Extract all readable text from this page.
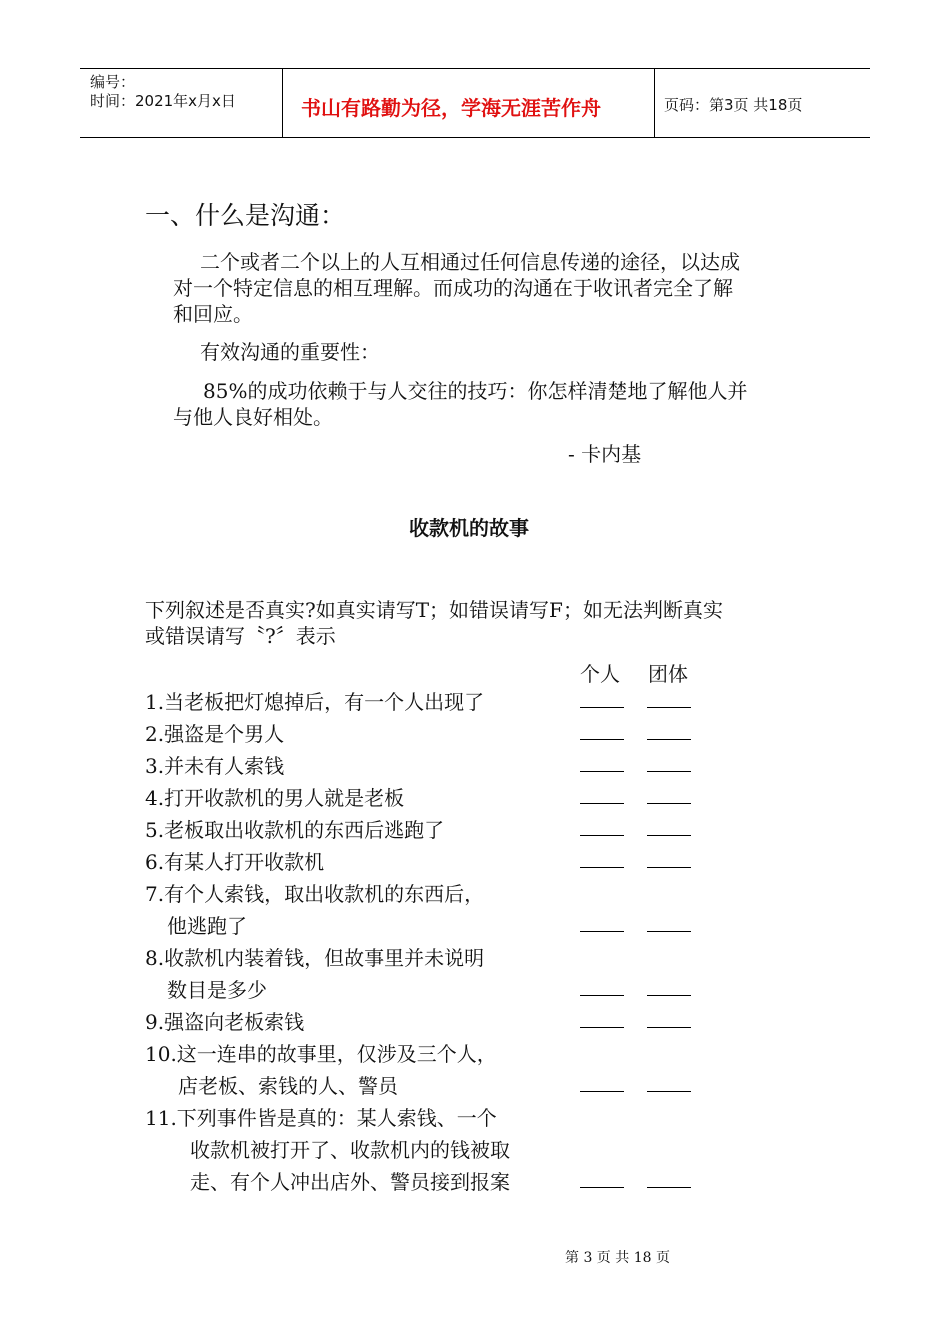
编号：
时间：2021年x月x日	书山有路勤为径，学海无涯苦作舟	页码：第3页 共18页
一、什么是沟通：
二个或者二个以上的人互相通过任何信息传递的途径，以达成
对一个特定信息的相互理解。而成功的沟通在于收讯者完全了解
和回应。
有效沟通的重要性：
85%的成功依赖于与人交往的技巧：你怎样清楚地了解他人并
与他人良好相处。
- 卡内基
收款机的故事
下列叙述是否真实?如真实请写T；如错误请写F；如无法判断真实
或错误请写〝?〞表示
个人 团体
1.当老板把灯熄掉后，有一个人出现了
2.强盗是个男人
3.并未有人索钱
4.打开收款机的男人就是老板
5.老板取出收款机的东西后逃跑了
6.有某人打开收款机
7.有个人索钱，取出收款机的东西后，
他逃跑了
8.收款机内装着钱，但故事里并未说明
数目是多少
9.强盗向老板索钱
10.这一连串的故事里，仅涉及三个人，
店老板、索钱的人、警员
11.下列事件皆是真的：某人索钱、一个
收款机被打开了、收款机内的钱被取
走、有个人冲出店外、警员接到报案
第 3 页 共 18 页
